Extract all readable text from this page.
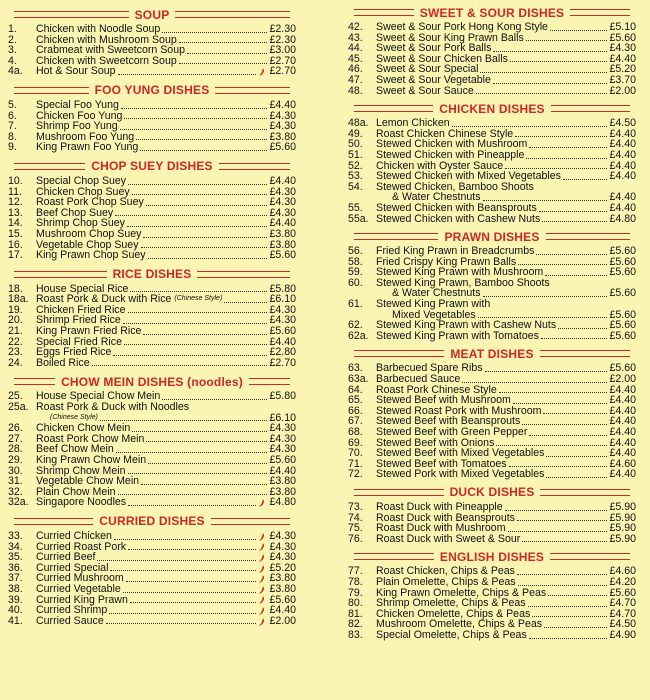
SOUP
1.	Chicken with Noodle Soup	£2.30
2.	Chicken with Mushroom Soup	£2.30
3.	Crabmeat with Sweetcorn Soup	£3.00
4.	Chicken with Sweetcorn Soup	£2.70
4a.	Hot & Sour Soup	£2.70
FOO YUNG DISHES
5.	Special Foo Yung	£4.40
6.	Chicken Foo Yung	£4.30
7.	Shrimp Foo Yung	£4.30
8.	Mushroom Foo Yung	£3.80
9.	King Prawn Foo Yung	£5.60
CHOP SUEY DISHES
10.	Special Chop Suey	£4.40
11.	Chicken Chop Suey	£4.30
12.	Roast Pork Chop Suey	£4.30
13.	Beef Chop Suey	£4.30
14.	Shrimp Chop Suey	£4.40
15.	Mushroom Chop Suey	£3.80
16.	Vegetable Chop Suey	£3.80
17.	King Prawn Chop Suey	£5.60
RICE DISHES
18.	House Special Rice	£5.80
18a. Roast Pork & Duck with Rice (Chinese Style)	£6.10
19.	Chicken Fried Rice	£4.30
20.	Shrimp Fried Rice	£4.30
21.	King Prawn Fried Rice	£5.60
22.	Special Fried Rice	£4.40
23.	Eggs Fried Rice	£2.80
24.	Boiled Rice	£2.70
CHOW MEIN DISHES (noodles)
25.	House Special Chow Mein	£5.80
25a. Roast Pork & Duck with Noodles
(Chinese Style)	£6.10
26.	Chicken Chow Mein	£4.30
27.	Roast Pork Chow Mein	£4.30
28.	Beef Chow Mein	£4.30
29.	King Prawn Chow Mein	£5.60
30.	Shrimp Chow Mein	£4.40
31.	Vegetable Chow Mein	£3.80
32.	Plain Chow Mein	£3.80
32a. Singapore Noodles	£4.80
CURRIED DISHES
33.	Curried Chicken	£4.30
34.	Curried Roast Pork	£4.30
35.	Curried Beef	£4.30
36.	Curried Special	£5.20
37.	Curried Mushroom	£3.80
38.	Curried Vegetable	£3.80
39.	Curried King Prawn	£5.60
40.	Curried Shrimp	£4.40
41.	Curried Sauce	£2.00
SWEET & SOUR DISHES
42.	Sweet & Sour Pork Hong Kong Style	£5.10
43.	Sweet & Sour King Prawn Balls	£5.60
44.	Sweet & Sour Pork Balls	£4.30
45.	Sweet & Sour Chicken Balls	£4.40
46.	Sweet & Sour Special	£5.20
47.	Sweet & Sour Vegetable	£3.70
48.	Sweet & Sour Sauce	£2.00
CHICKEN DISHES
48a. Lemon Chicken	£4.50
49.	Roast Chicken Chinese Style	£4.40
50.	Stewed Chicken with Mushroom	£4.40
51.	Stewed Chicken with Pineapple	£4.40
52.	Chicken with Oyster Sauce	£4.40
53.	Stewed Chicken with Mixed Vegetables	£4.40
54.	Stewed Chicken, Bamboo Shoots
& Water Chestnuts	£4.40
55.	Stewed Chicken with Beansprouts	£4.40
55a. Stewed Chicken with Cashew Nuts	£4.80
PRAWN DISHES
56.	Fried King Prawn in Breadcrumbs	£5.60
58.	Fried Crispy King Prawn Balls	£5.60
59.	Stewed King Prawn with Mushroom	£5.60
60.	Stewed King Prawn, Bamboo Shoots
& Water Chestnuts	£5.60
61.	Stewed King Prawn with
Mixed Vegetables	£5.60
62.	Stewed King Prawn with Cashew Nuts	£5.60
62a. Stewed King Prawn with Tomatoes	£5.60
MEAT DISHES
63.	Barbecued Spare Ribs	£5.60
63a. Barbecued Sauce	£2.00
64.	Roast Pork Chinese Style	£4.40
65.	Stewed Beef with Mushroom	£4.40
66.	Stewed Roast Pork with Mushroom	£4.40
67.	Stewed Beef with Beansprouts	£4.40
68.	Stewed Beef with Green Pepper	£4.40
69.	Stewed Beef with Onions	£4.40
70.	Stewed Beef with Mixed Vegetables	£4.40
71.	Stewed Beef with Tomatoes	£4.60
72.	Stewed Pork with Mixed Vegetables	£4.40
DUCK DISHES
73.	Roast Duck with Pineapple	£5.90
74.	Roast Duck with Beansprouts	£5.90
75.	Roast Duck with Mushroom	£5.90
76.	Roast Duck with Sweet & Sour	£5.90
ENGLISH DISHES
77.	Roast Chicken, Chips & Peas	£4.60
78.	Plain Omelette, Chips & Peas	£4.20
79.	King Prawn Omelette, Chips & Peas	£5.60
80.	Shrimp Omelette, Chips & Peas	£4.70
81.	Chicken Omelette, Chips & Peas	£4.70
82.	Mushroom Omelette, Chips & Peas	£4.50
83.	Special Omelette, Chips & Peas	£4.90
